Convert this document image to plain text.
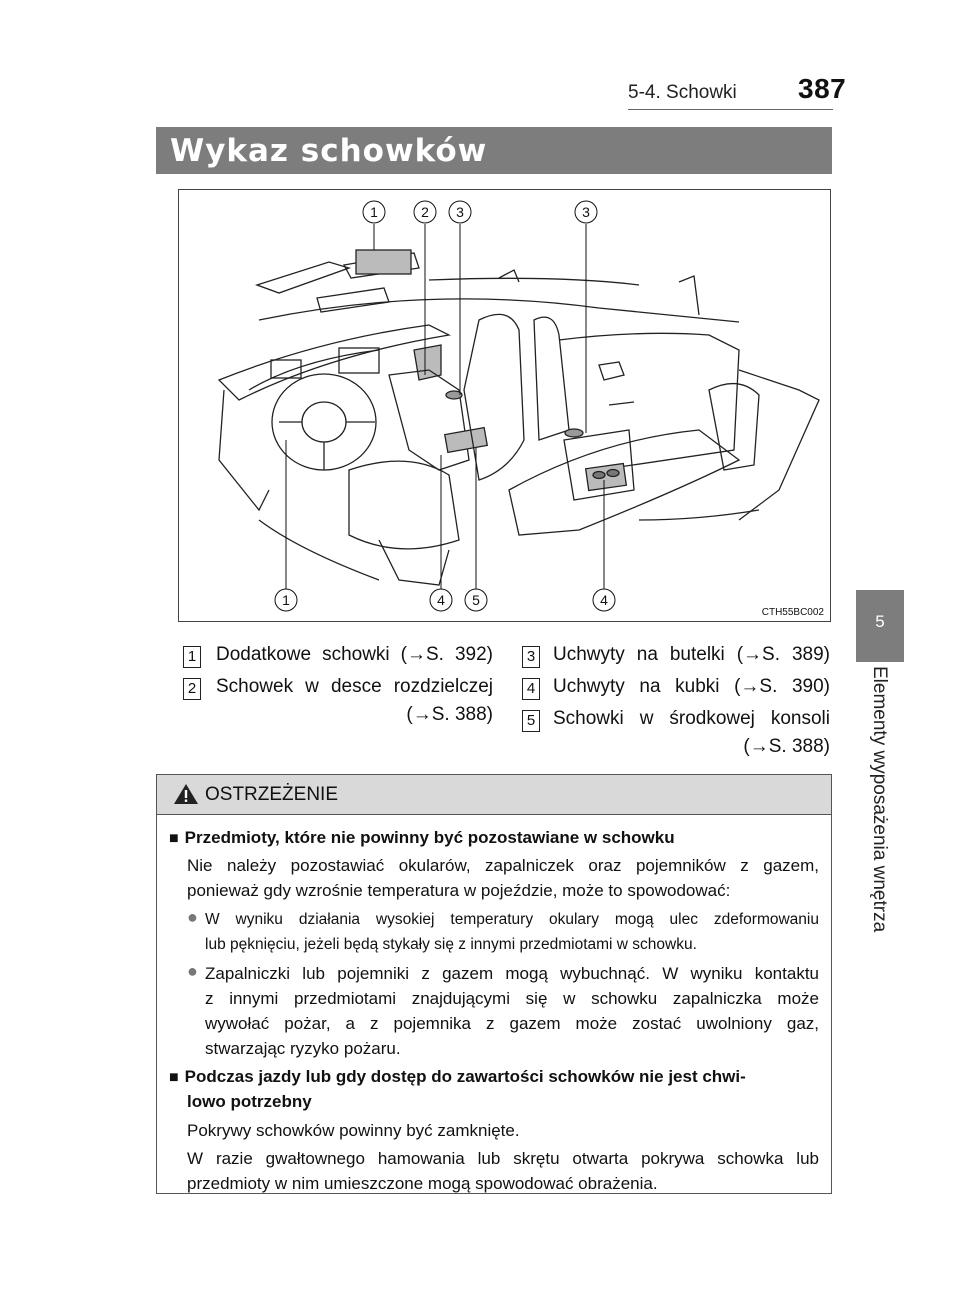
5-4. Schowki 387
Wykaz schowków
5
Elementy wyposażenia wnętrza
1	2 3	3
1	4 5	4
CTH55BC002
1 Dodatkowe schowki (→S. 392)
2 Schowek w desce rozdzielczej
(→S. 388)
3 Uchwyty na butelki (→S. 389)
4 Uchwyty na kubki (→S. 390)
5 Schowki w środkowej konsoli
(→S. 388)
OSTRZEŻENIE
■ Przedmioty, które nie powinny być pozostawiane w schowku
Nie należy pozostawiać okularów, zapalniczek oraz pojemników z gazem,
ponieważ gdy wzrośnie temperatura w pojeździe, może to spowodować:
● W wyniku działania wysokiej temperatury okulary mogą ulec zdeformowaniu
lub pęknięciu, jeżeli będą stykały się z innymi przedmiotami w schowku.
● Zapalniczki lub pojemniki z gazem mogą wybuchnąć. W wyniku kontaktu
z innymi przedmiotami znajdującymi się w schowku zapalniczka może
wywołać pożar, a z pojemnika z gazem może zostać uwolniony gaz,
stwarzając ryzyko pożaru.
■ Podczas jazdy lub gdy dostęp do zawartości schowków nie jest chwi-
lowo potrzebny
Pokrywy schowków powinny być zamknięte.
W razie gwałtownego hamowania lub skrętu otwarta pokrywa schowka lub
przedmioty w nim umieszczone mogą spowodować obrażenia.
